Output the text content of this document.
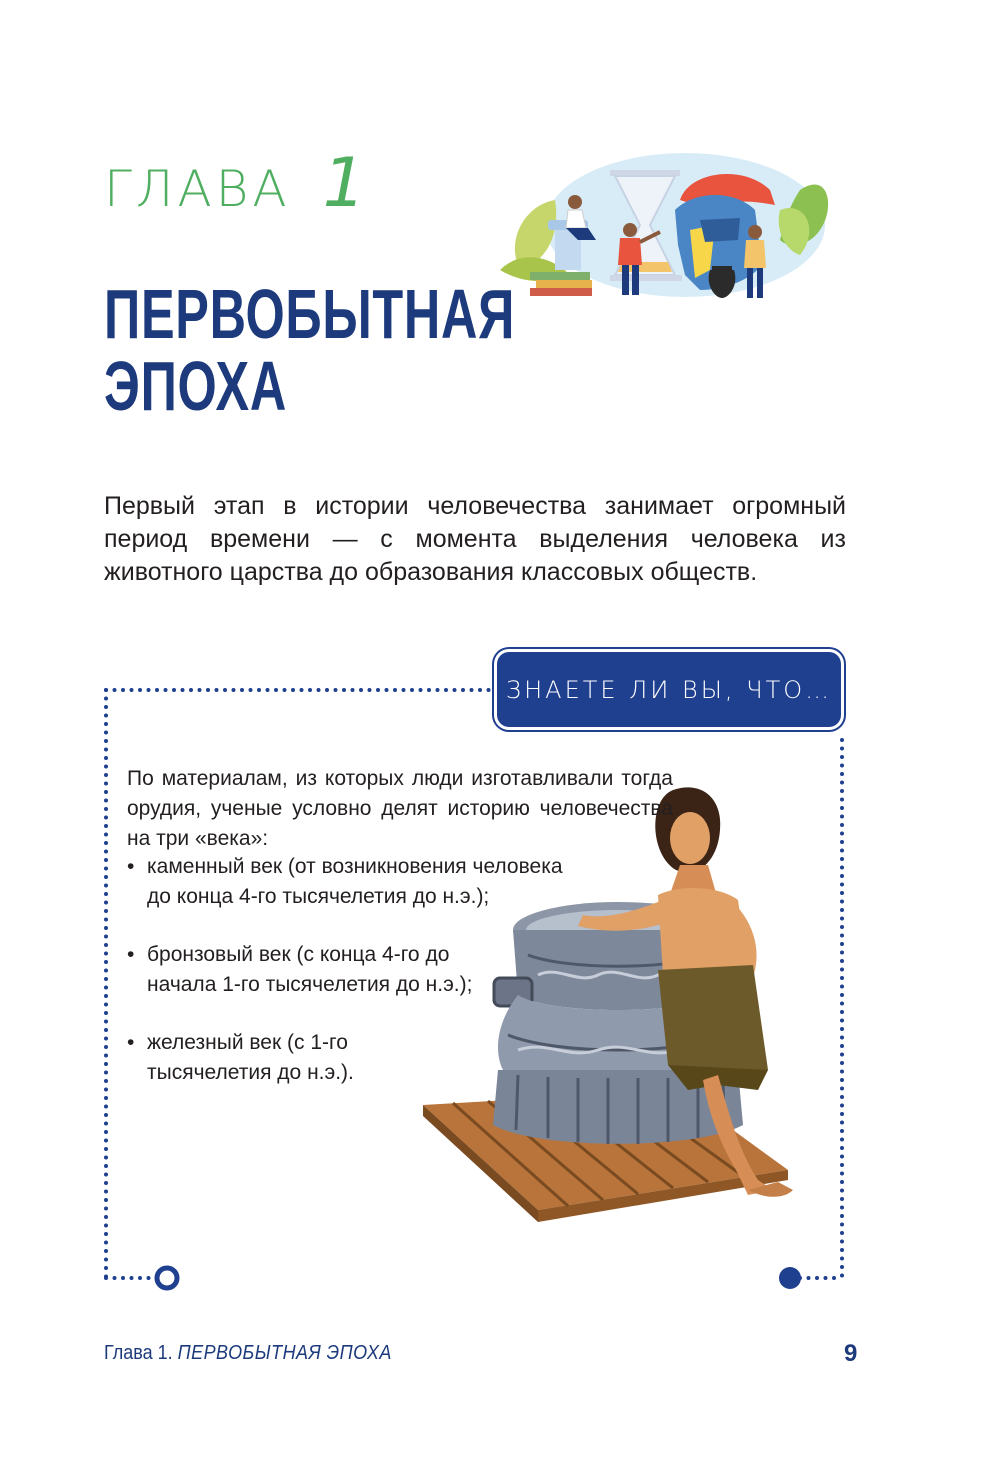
ГЛАВА 1
ПЕРВОБЫТНАЯ
ЭПОХА

Первый этап в истории человечества занимает огромный период времени — с момента выделения человека из животного царства до образования классовых обществ.

ЗНАЕТЕ ЛИ ВЫ, ЧТО…

По материалам, из которых люди изготавливали тогда орудия, ученые условно делят историю человечества на три «века»:

• каменный век (от возникновения человека до конца 4-го тысячелетия до н.э.);
• бронзовый век (с конца 4-го до начала 1-го тысячелетия до н.э.);
• железный век (с 1-го тысячелетия до н.э.).
Глава 1. ПЕРВОБЫТНАЯ ЭПОХА	9
